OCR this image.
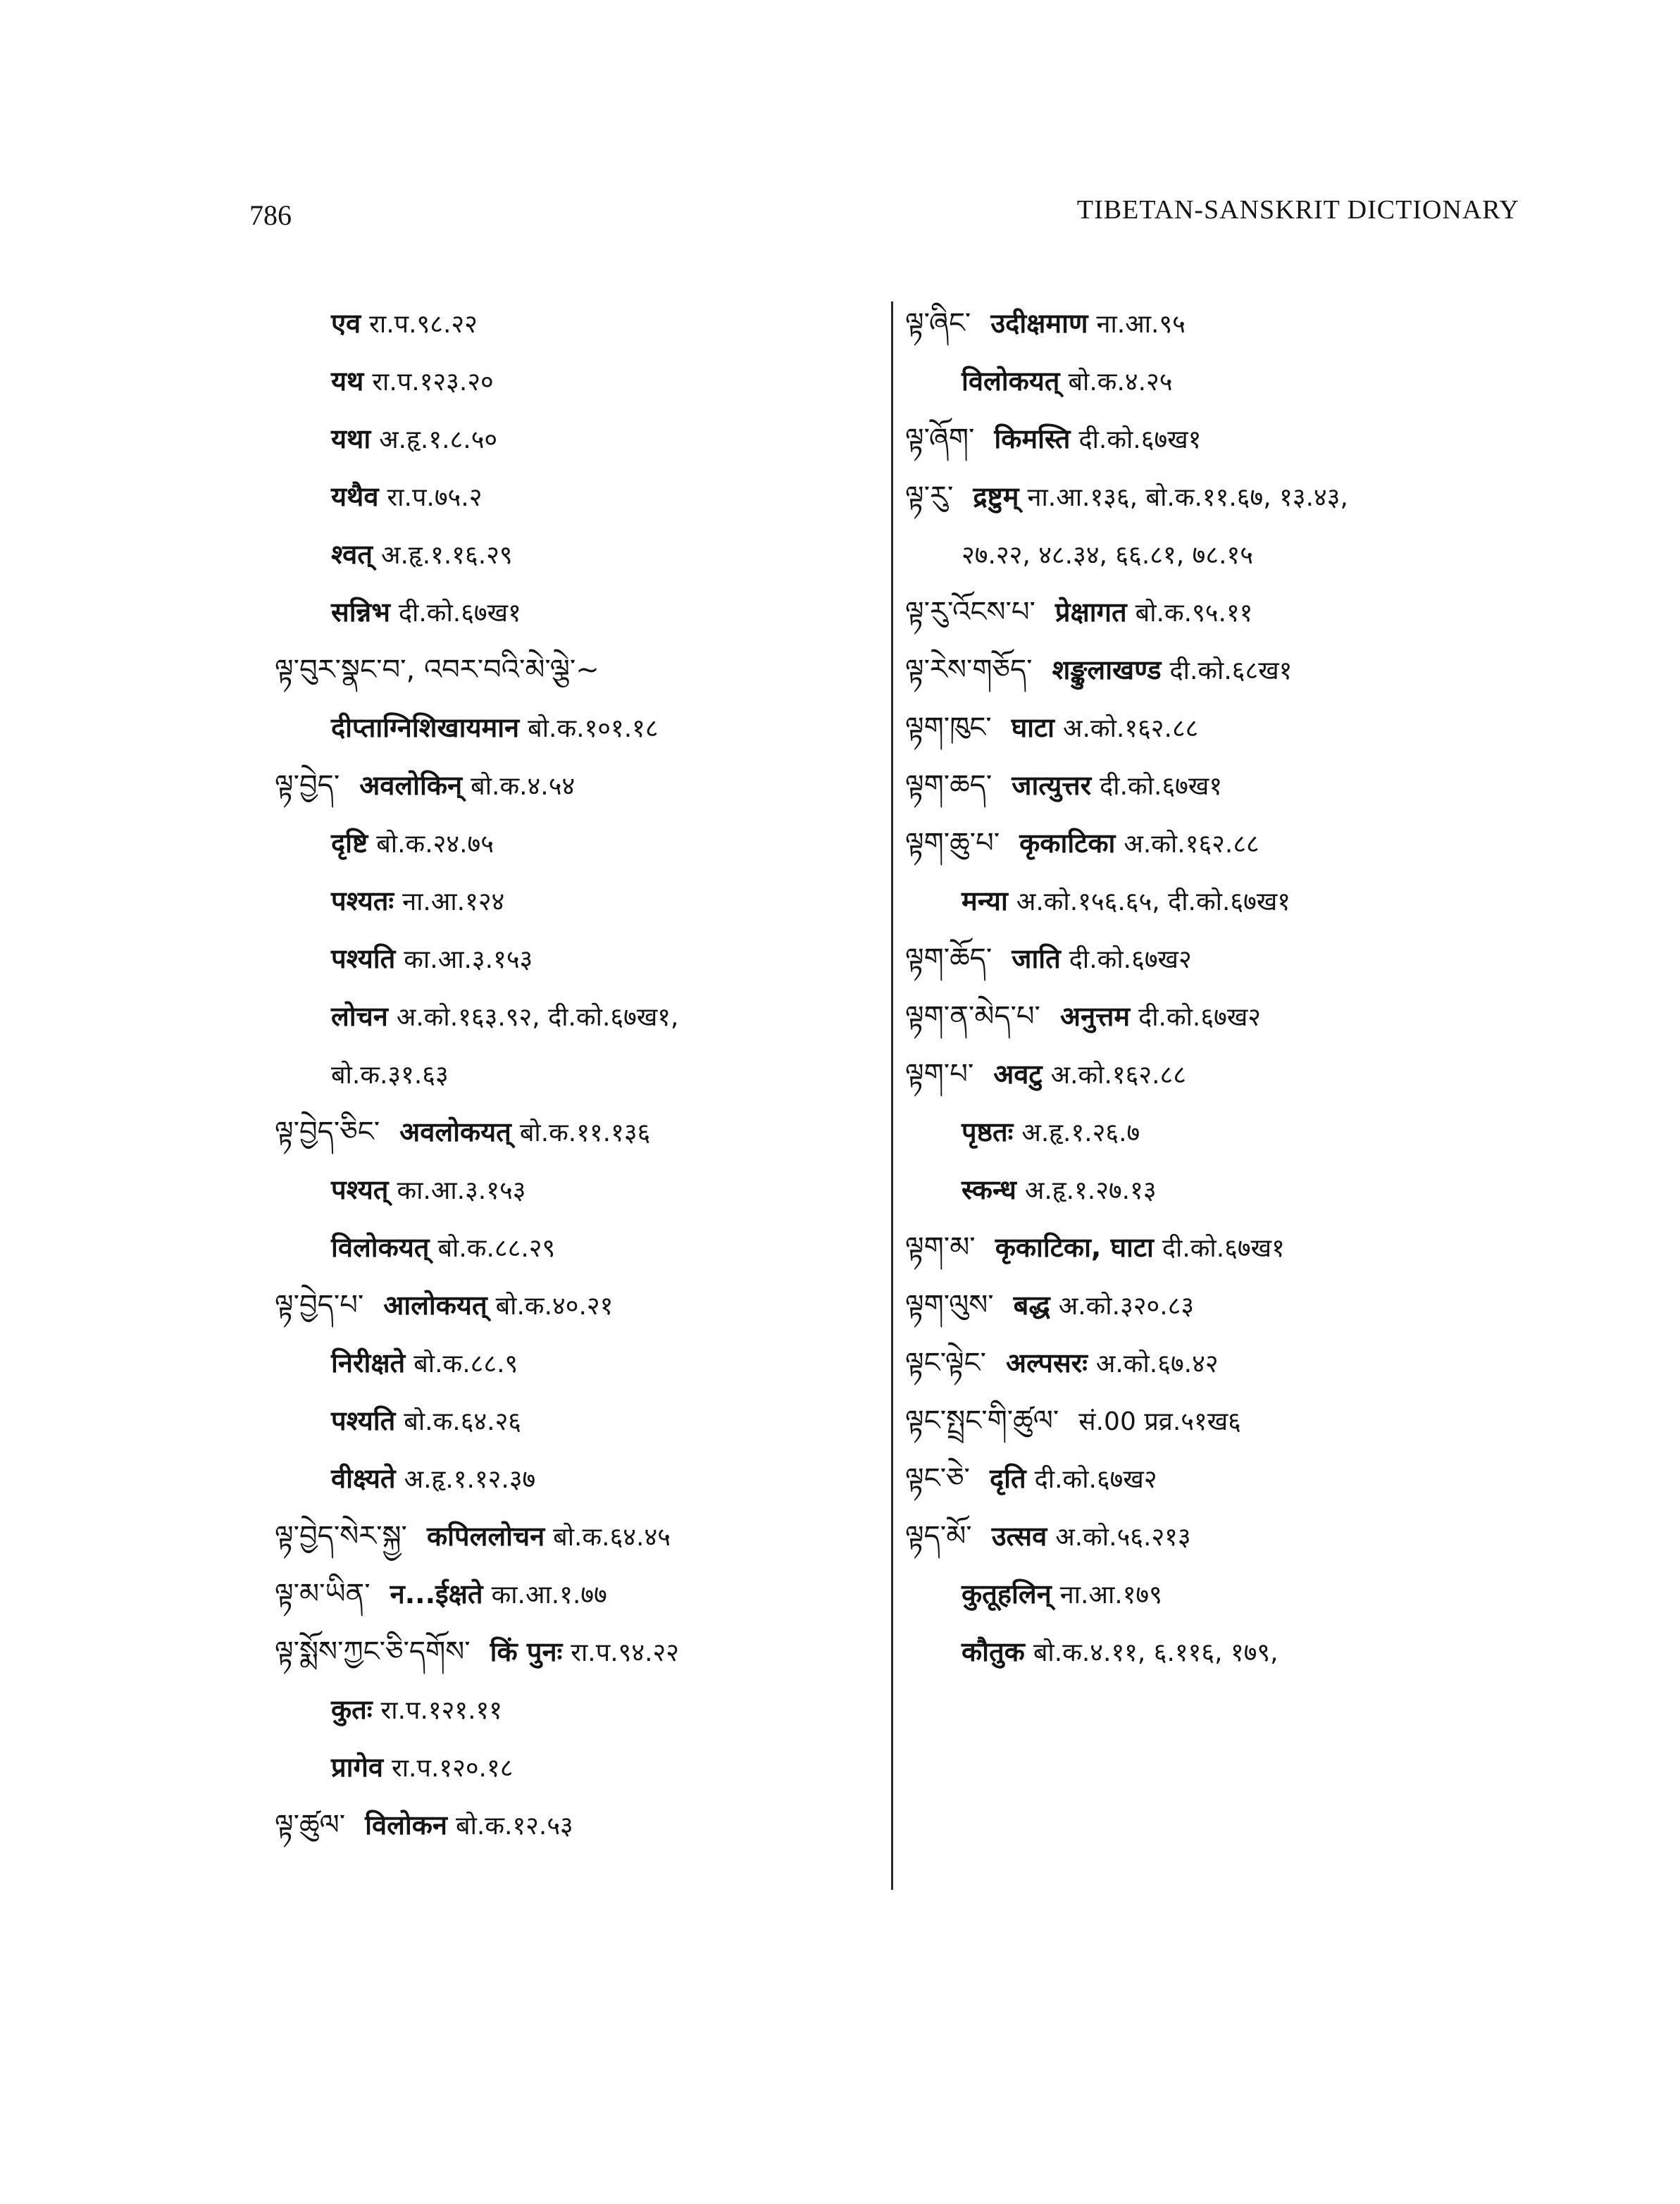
786	TIBETAN-SANSKRIT DICTIONARY
एव रा.प.९८.२२
यथ रा.प.१२३.२०
यथा अ.हृ.१.८.५०
यथैव रा.प.७५.२
श्वत् अ.हृ.१.१६.२९
सन्निभ दी.को.६७ख१
ལྟ་བུར་སྣང་བ་, འབར་བའི་མེ་ལྕེ་~
दीप्ताग्निशिखायमान बो.क.१०१.१८
ལྟ་བྱེད་ अवलोकिन् बो.क.४.५४
दृष्टि बो.क.२४.७५
पश्यतः ना.आ.१२४
पश्यति का.आ.३.१५३
लोचन अ.को.१६३.९२, दी.को.६७ख१,
बो.क.३१.६३
ལྟ་བྱེད་ཅིང་ अवलोकयत् बो.क.११.१३६
पश्यत् का.आ.३.१५३
विलोकयत् बो.क.८८.२९
ལྟ་བྱེད་པ་ आलोकयत् बो.क.४०.२१
निरीक्षते बो.क.८८.९
पश्यति बो.क.६४.२६
वीक्ष्यते अ.हृ.१.१२.३७
ལྟ་བྱེད་སེར་སྐྱ་ कपिललोचन बो.क.६४.४५
ལྟ་མ་ཡིན་ न...ईक्षते का.आ.१.७७
ལྟ་སྨོས་ཀྱང་ཅི་དགོས་ किं पुनः रा.प.९४.२२
कुतः रा.प.१२१.११
प्रागेव रा.प.१२०.१८
ལྟ་ཚུལ་ विलोकन बो.क.१२.५३
ལྟ་ཞིང་ उदीक्षमाण ना.आ.९५
विलोकयत् बो.क.४.२५
ལྟ་ཞོག་ किमस्ति दी.को.६७ख१
ལྟ་རུ་ द्रष्टुम् ना.आ.१३६, बो.क.११.६७, १३.४३,
२७.२२, ४८.३४, ६६.८१, ७८.१५
ལྟ་རུ་འོངས་པ་ प्रेक्षागत बो.क.९५.११
ལྟ་རེས་གཅོད་ शङ्कुलाखण्ड दी.को.६८ख१
ལྟག་ཁུང་ घाटा अ.को.१६२.८८
ལྟག་ཆད་ जात्युत्तर दी.को.६७ख१
ལྟག་ཆུ་པ་ कृकाटिका अ.को.१६२.८८
मन्या अ.को.१५६.६५, दी.को.६७ख१
ལྟག་ཆོད་ जाति दी.को.६७ख२
ལྟག་ན་མེད་པ་ अनुत्तम दी.को.६७ख२
ལྟག་པ་ अवटु अ.को.१६२.८८
पृष्ठतः अ.हृ.१.२६.७
स्कन्ध अ.हृ.१.२७.१३
ལྟག་མ་ कृकाटिका, घाटा दी.को.६७ख१
ལྟག་ལུས་ बद्ध अ.को.३२०.८३
ལྟང་ལྟེང་ अल्पसरः अ.को.६७.४२
ལྟང་སྤྲང་གི་ཚུལ་ सं.00 प्रव्र.५१ख६
ལྟང་ཅེ་ दृति दी.को.६७ख२
ལྟད་མོ་ उत्सव अ.को.५६.२१३
कुतूहलिन् ना.आ.१७९
कौतुक बो.क.४.११, ६.११६, १७९,
